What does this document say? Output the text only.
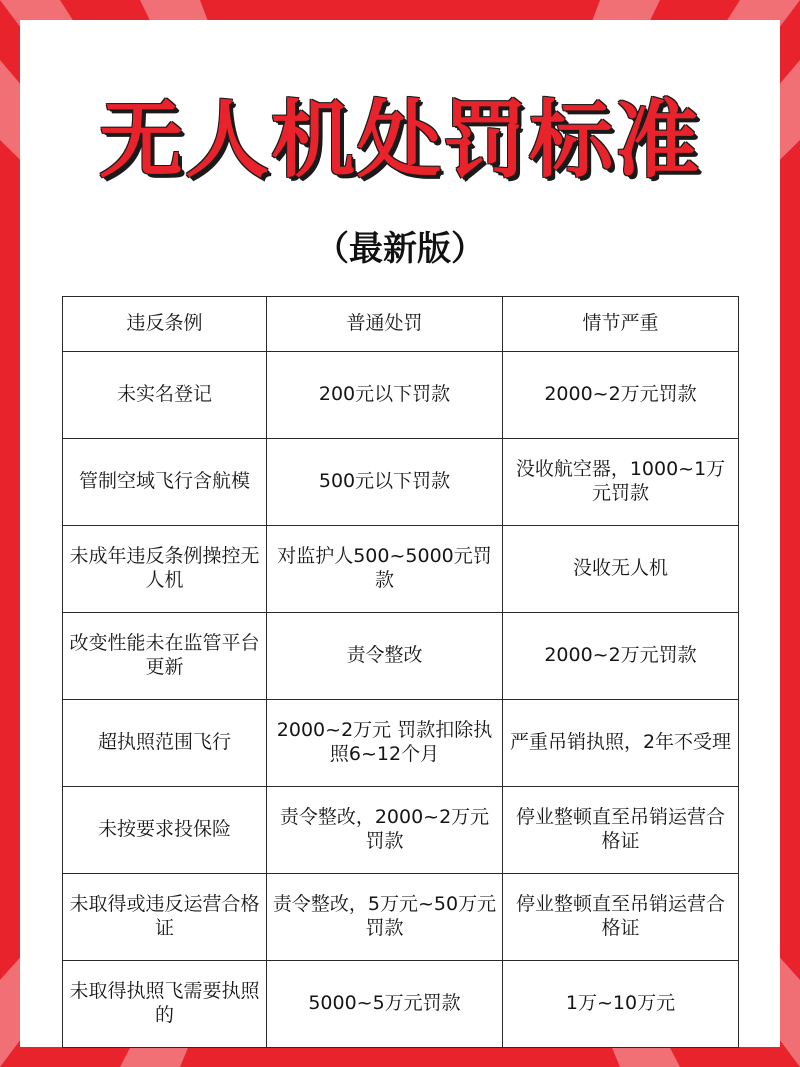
无人机处罚标准
（最新版）
违反条例	普通处罚	情节严重
未实名登记	200元以下罚款	2000~2万元罚款
管制空域飞行含航模	500元以下罚款	没收航空器，1000~1万元罚款
未成年违反条例操控无人机	对监护人500~5000元罚款	没收无人机
改变性能未在监管平台更新	责令整改	2000~2万元罚款
超执照范围飞行	2000~2万元 罚款扣除执照6~12个月	严重吊销执照，2年不受理
未按要求投保险	责令整改，2000~2万元罚款	停业整顿直至吊销运营合格证
未取得或违反运营合格证	责令整改，5万元~50万元罚款	停业整顿直至吊销运营合格证
未取得执照飞需要执照的	5000~5万元罚款	1万~10万元
